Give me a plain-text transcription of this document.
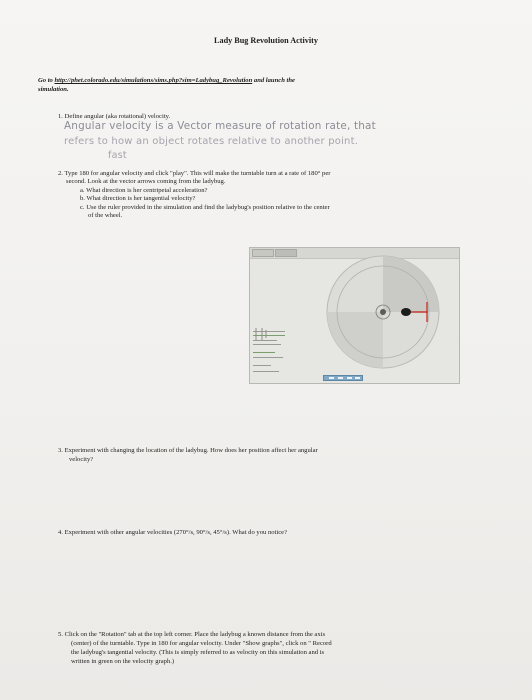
Lady Bug Revolution Activity
Go to http://phet.colorado.edu/simulations/sims.php?sim=Ladybug_Revolution and launch the
simulation.
1. Define angular (aka rotational) velocity.
Angular velocity is a Vector measure of rotation rate, that
refers to how an object rotates relative to another point.
fast
2. Type 180 for angular velocity and click "play". This will make the turntable turn at a rate of 180° per
second. Look at the vector arrows coming from the ladybug.
a. What direction is her centripetal acceleration?
b. What direction is her tangential velocity?
c. Use the ruler provided in the simulation and find the ladybug's position relative to the center
of the wheel.
3. Experiment with changing the location of the ladybug. How does her position affect her angular
velocity?
4. Experiment with other angular velocities (270°/s, 90°/s, 45°/s). What do you notice?
5. Click on the "Rotation" tab at the top left corner. Place the ladybug a known distance from the axis
(center) of the turntable. Type in 180 for angular velocity. Under "Show graphs", click on " Record
the ladybug's tangential velocity. (This is simply referred to as velocity on this simulation and is
written in green on the velocity graph.)
